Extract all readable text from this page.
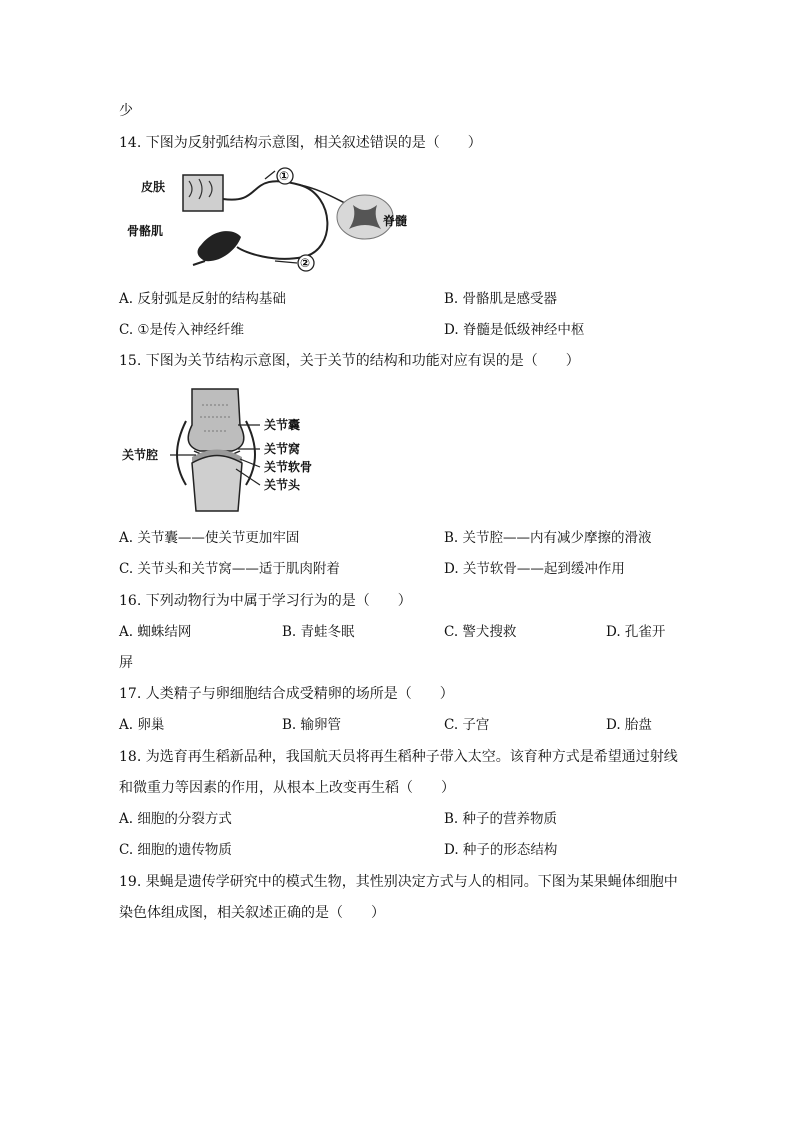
少
14. 下图为反射弧结构示意图，相关叙述错误的是（　　）
皮肤
①
脊髓
骨骼肌
②
A. 反射弧是反射的结构基础	B. 骨骼肌是感受器
C. ①是传入神经纤维	D. 脊髓是低级神经中枢
15. 下图为关节结构示意图，关于关节的结构和功能对应有误的是（　　）
关节囊
关节窝
关节腔
关节软骨
关节头
A. 关节囊——使关节更加牢固	B. 关节腔——内有减少摩擦的滑液
C. 关节头和关节窝——适于肌肉附着	D. 关节软骨——起到缓冲作用
16. 下列动物行为中属于学习行为的是（　　）
A. 蜘蛛结网	B. 青蛙冬眠	C. 警犬搜救	D. 孔雀开
屏
17. 人类精子与卵细胞结合成受精卵的场所是（　　）
A. 卵巢	B. 输卵管	C. 子宫	D. 胎盘
18. 为选育再生稻新品种，我国航天员将再生稻种子带入太空。该育种方式是希望通过射线
和微重力等因素的作用，从根本上改变再生稻（　　）
A. 细胞的分裂方式	B. 种子的营养物质
C. 细胞的遗传物质	D. 种子的形态结构
19. 果蝇是遗传学研究中的模式生物，其性别决定方式与人的相同。下图为某果蝇体细胞中
染色体组成图，相关叙述正确的是（　　）
